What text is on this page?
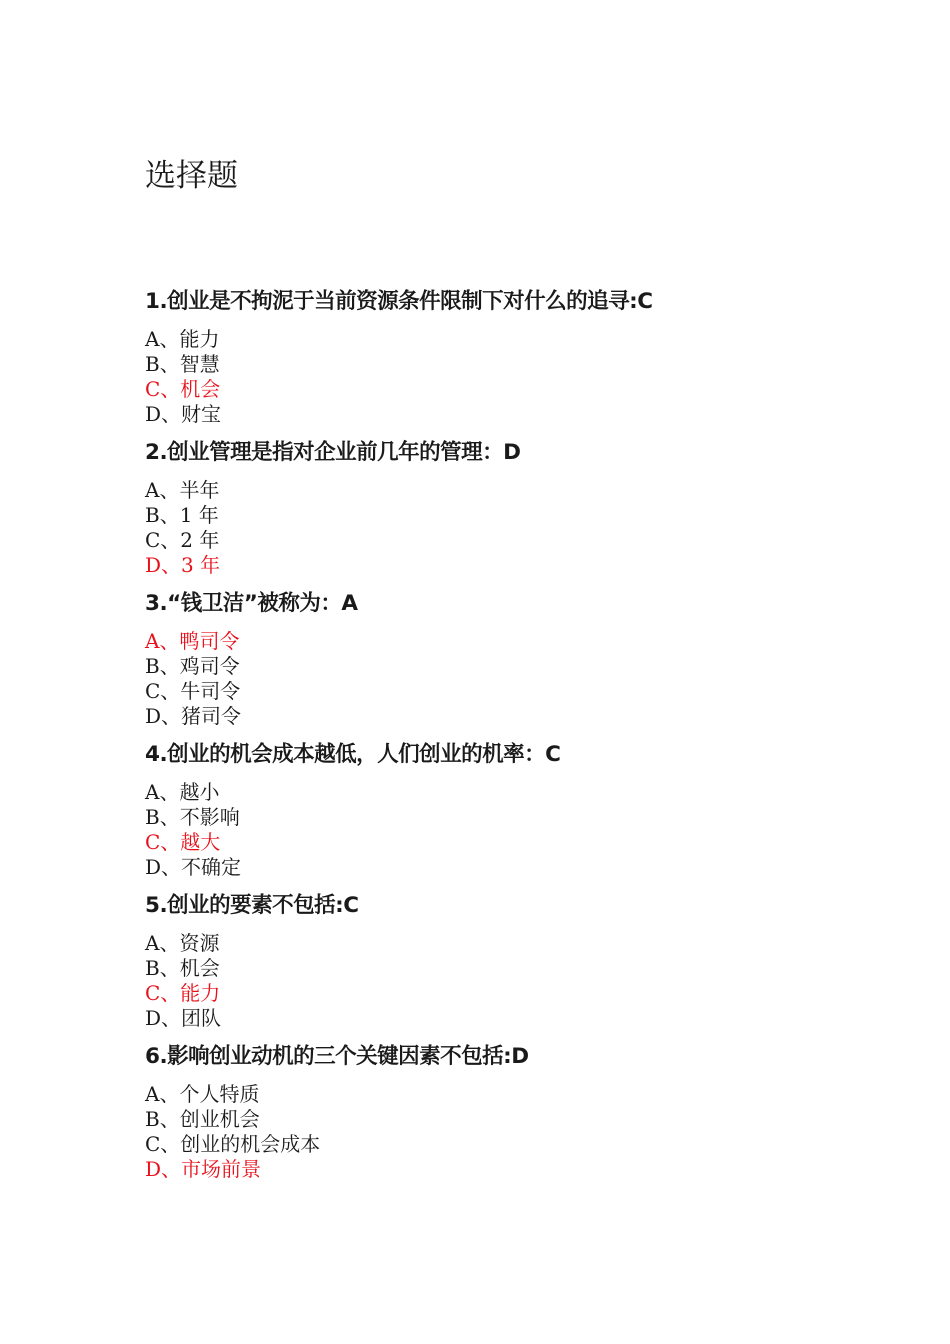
选择题
1.创业是不拘泥于当前资源条件限制下对什么的追寻:C
A、能力
B、智慧
C、机会
D、财宝
2.创业管理是指对企业前几年的管理：D
A、半年
B、1 年
C、2 年
D、3 年
3.“钱卫洁”被称为：A
A、鸭司令
B、鸡司令
C、牛司令
D、猪司令
4.创业的机会成本越低，人们创业的机率：C
A、越小
B、不影响
C、越大
D、不确定
5.创业的要素不包括:C
A、资源
B、机会
C、能力
D、团队
6.影响创业动机的三个关键因素不包括:D
A、个人特质
B、创业机会
C、创业的机会成本
D、市场前景
